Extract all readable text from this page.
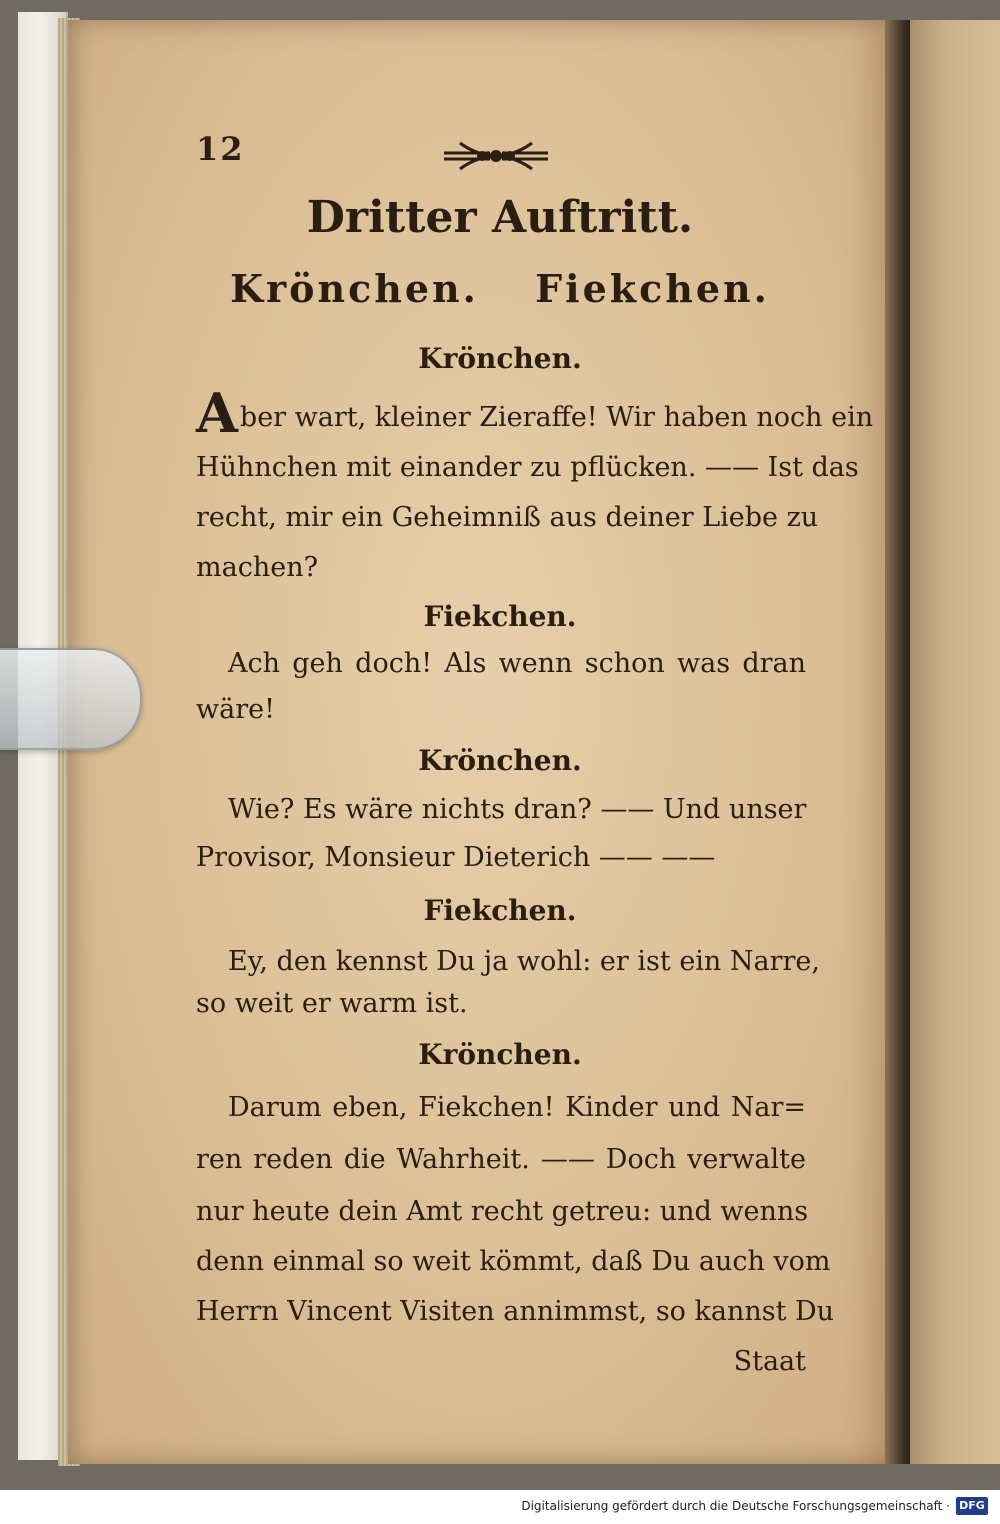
12
Dritter Auftritt.
Krönchen. Fiekchen.
Krönchen.
Aber wart, kleiner Zieraffe! Wir haben noch ein
Hühnchen mit einander zu pflücken. —— Ist das
recht, mir ein Geheimniß aus deiner Liebe zu
machen?
Fiekchen.
Ach geh doch! Als wenn schon was dran
wäre!
Krönchen.
Wie? Es wäre nichts dran? —— Und unser
Provisor, Monsieur Dieterich —— ——
Fiekchen.
Ey, den kennst Du ja wohl: er ist ein Narre,
so weit er warm ist.
Krönchen.
Darum eben, Fiekchen! Kinder und Nar=
ren reden die Wahrheit. —— Doch verwalte
nur heute dein Amt recht getreu: und wenns
denn einmal so weit kömmt, daß Du auch vom
Herrn Vincent Visiten annimmst, so kannst Du
Staat
Digitalisierung gefördert durch die Deutsche Forschungsgemeinschaft · DFG
